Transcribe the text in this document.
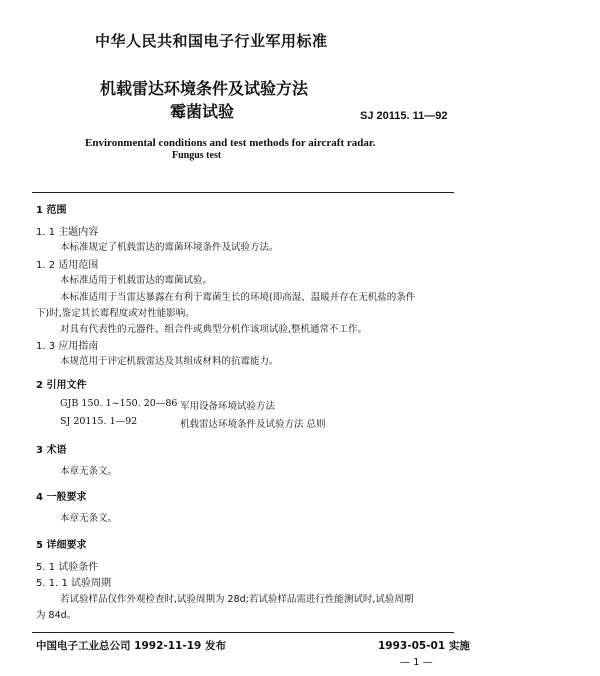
中华人民共和国电子行业军用标准
机载雷达环境条件及试验方法
霉菌试验	SJ 20115. 11—92
Environmental conditions and test methods for aircraft radar.
Fungus test
1 范围
1. 1 主题内容
本标准规定了机载雷达的霉菌环境条件及试验方法。
1. 2 适用范围
本标准适用于机载雷达的霉菌试验。
本标准适用于当雷达暴露在有利于霉菌生长的环境(即高湿、温暖并存在无机盐的条件
下)时,鉴定其长霉程度或对性能影响。
对具有代表性的元器件、组合件或典型分机作该项试验,整机通常不工作。
1. 3 应用指南
本规范用于评定机载雷达及其组成材料的抗霉能力。
2 引用文件
GJB 150. 1~150. 20—86 军用设备环境试验方法
SJ 20115. 1—92	机载雷达环境条件及试验方法 总则
3 术语
本章无条文。
4 一般要求
本章无条文。
5 详细要求
5. 1 试验条件
5. 1. 1 试验周期
若试验样品仅作外观检查时,试验周期为 28d;若试验样品需进行性能测试时,试验周期
为 84d。
中国电子工业总公司 1992-11-19 发布	1993-05-01 实施
— 1 —
